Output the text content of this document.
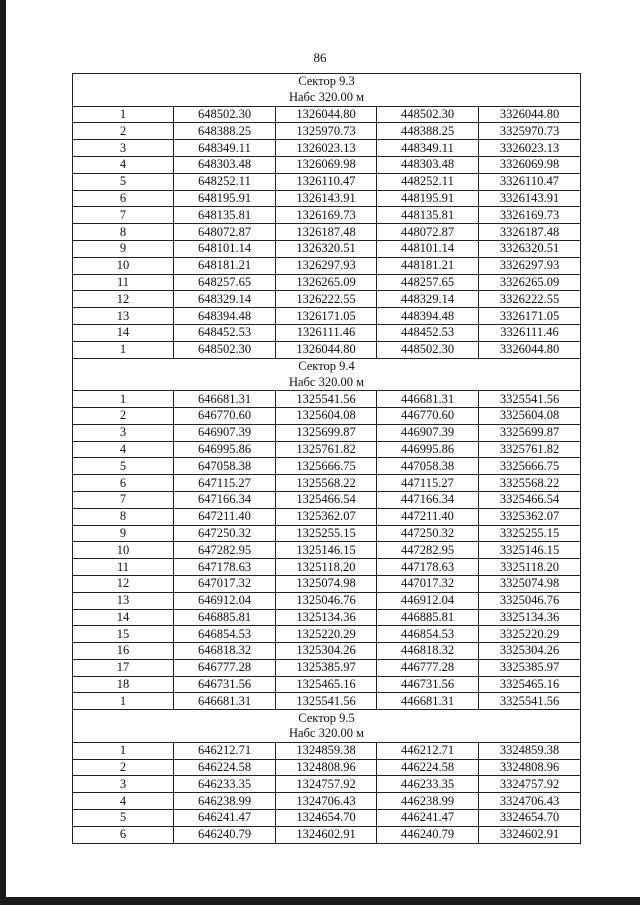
86
Сектор 9.3				
Набс 320.00 м				
1	648502.30	1326044.80	448502.30	3326044.80
2	648388.25	1325970.73	448388.25	3325970.73
3	648349.11	1326023.13	448349.11	3326023.13
4	648303.48	1326069.98	448303.48	3326069.98
5	648252.11	1326110.47	448252.11	3326110.47
6	648195.91	1326143.91	448195.91	3326143.91
7	648135.81	1326169.73	448135.81	3326169.73
8	648072.87	1326187.48	448072.87	3326187.48
9	648101.14	1326320.51	448101.14	3326320.51
10	648181.21	1326297.93	448181.21	3326297.93
11	648257.65	1326265.09	448257.65	3326265.09
12	648329.14	1326222.55	448329.14	3326222.55
13	648394.48	1326171.05	448394.48	3326171.05
14	648452.53	1326111.46	448452.53	3326111.46
1	648502.30	1326044.80	448502.30	3326044.80
Сектор 9.4				
Набс 320.00 м				
1	646681.31	1325541.56	446681.31	3325541.56
2	646770.60	1325604.08	446770.60	3325604.08
3	646907.39	1325699.87	446907.39	3325699.87
4	646995.86	1325761.82	446995.86	3325761.82
5	647058.38	1325666.75	447058.38	3325666.75
6	647115.27	1325568.22	447115.27	3325568.22
7	647166.34	1325466.54	447166.34	3325466.54
8	647211.40	1325362.07	447211.40	3325362.07
9	647250.32	1325255.15	447250.32	3325255.15
10	647282.95	1325146.15	447282.95	3325146.15
11	647178.63	1325118.20	447178.63	3325118.20
12	647017.32	1325074.98	447017.32	3325074.98
13	646912.04	1325046.76	446912.04	3325046.76
14	646885.81	1325134.36	446885.81	3325134.36
15	646854.53	1325220.29	446854.53	3325220.29
16	646818.32	1325304.26	446818.32	3325304.26
17	646777.28	1325385.97	446777.28	3325385.97
18	646731.56	1325465.16	446731.56	3325465.16
1	646681.31	1325541.56	446681.31	3325541.56
Сектор 9.5				
Набс 320.00 м				
1	646212.71	1324859.38	446212.71	3324859.38
2	646224.58	1324808.96	446224.58	3324808.96
3	646233.35	1324757.92	446233.35	3324757.92
4	646238.99	1324706.43	446238.99	3324706.43
5	646241.47	1324654.70	446241.47	3324654.70
6	646240.79	1324602.91	446240.79	3324602.91
